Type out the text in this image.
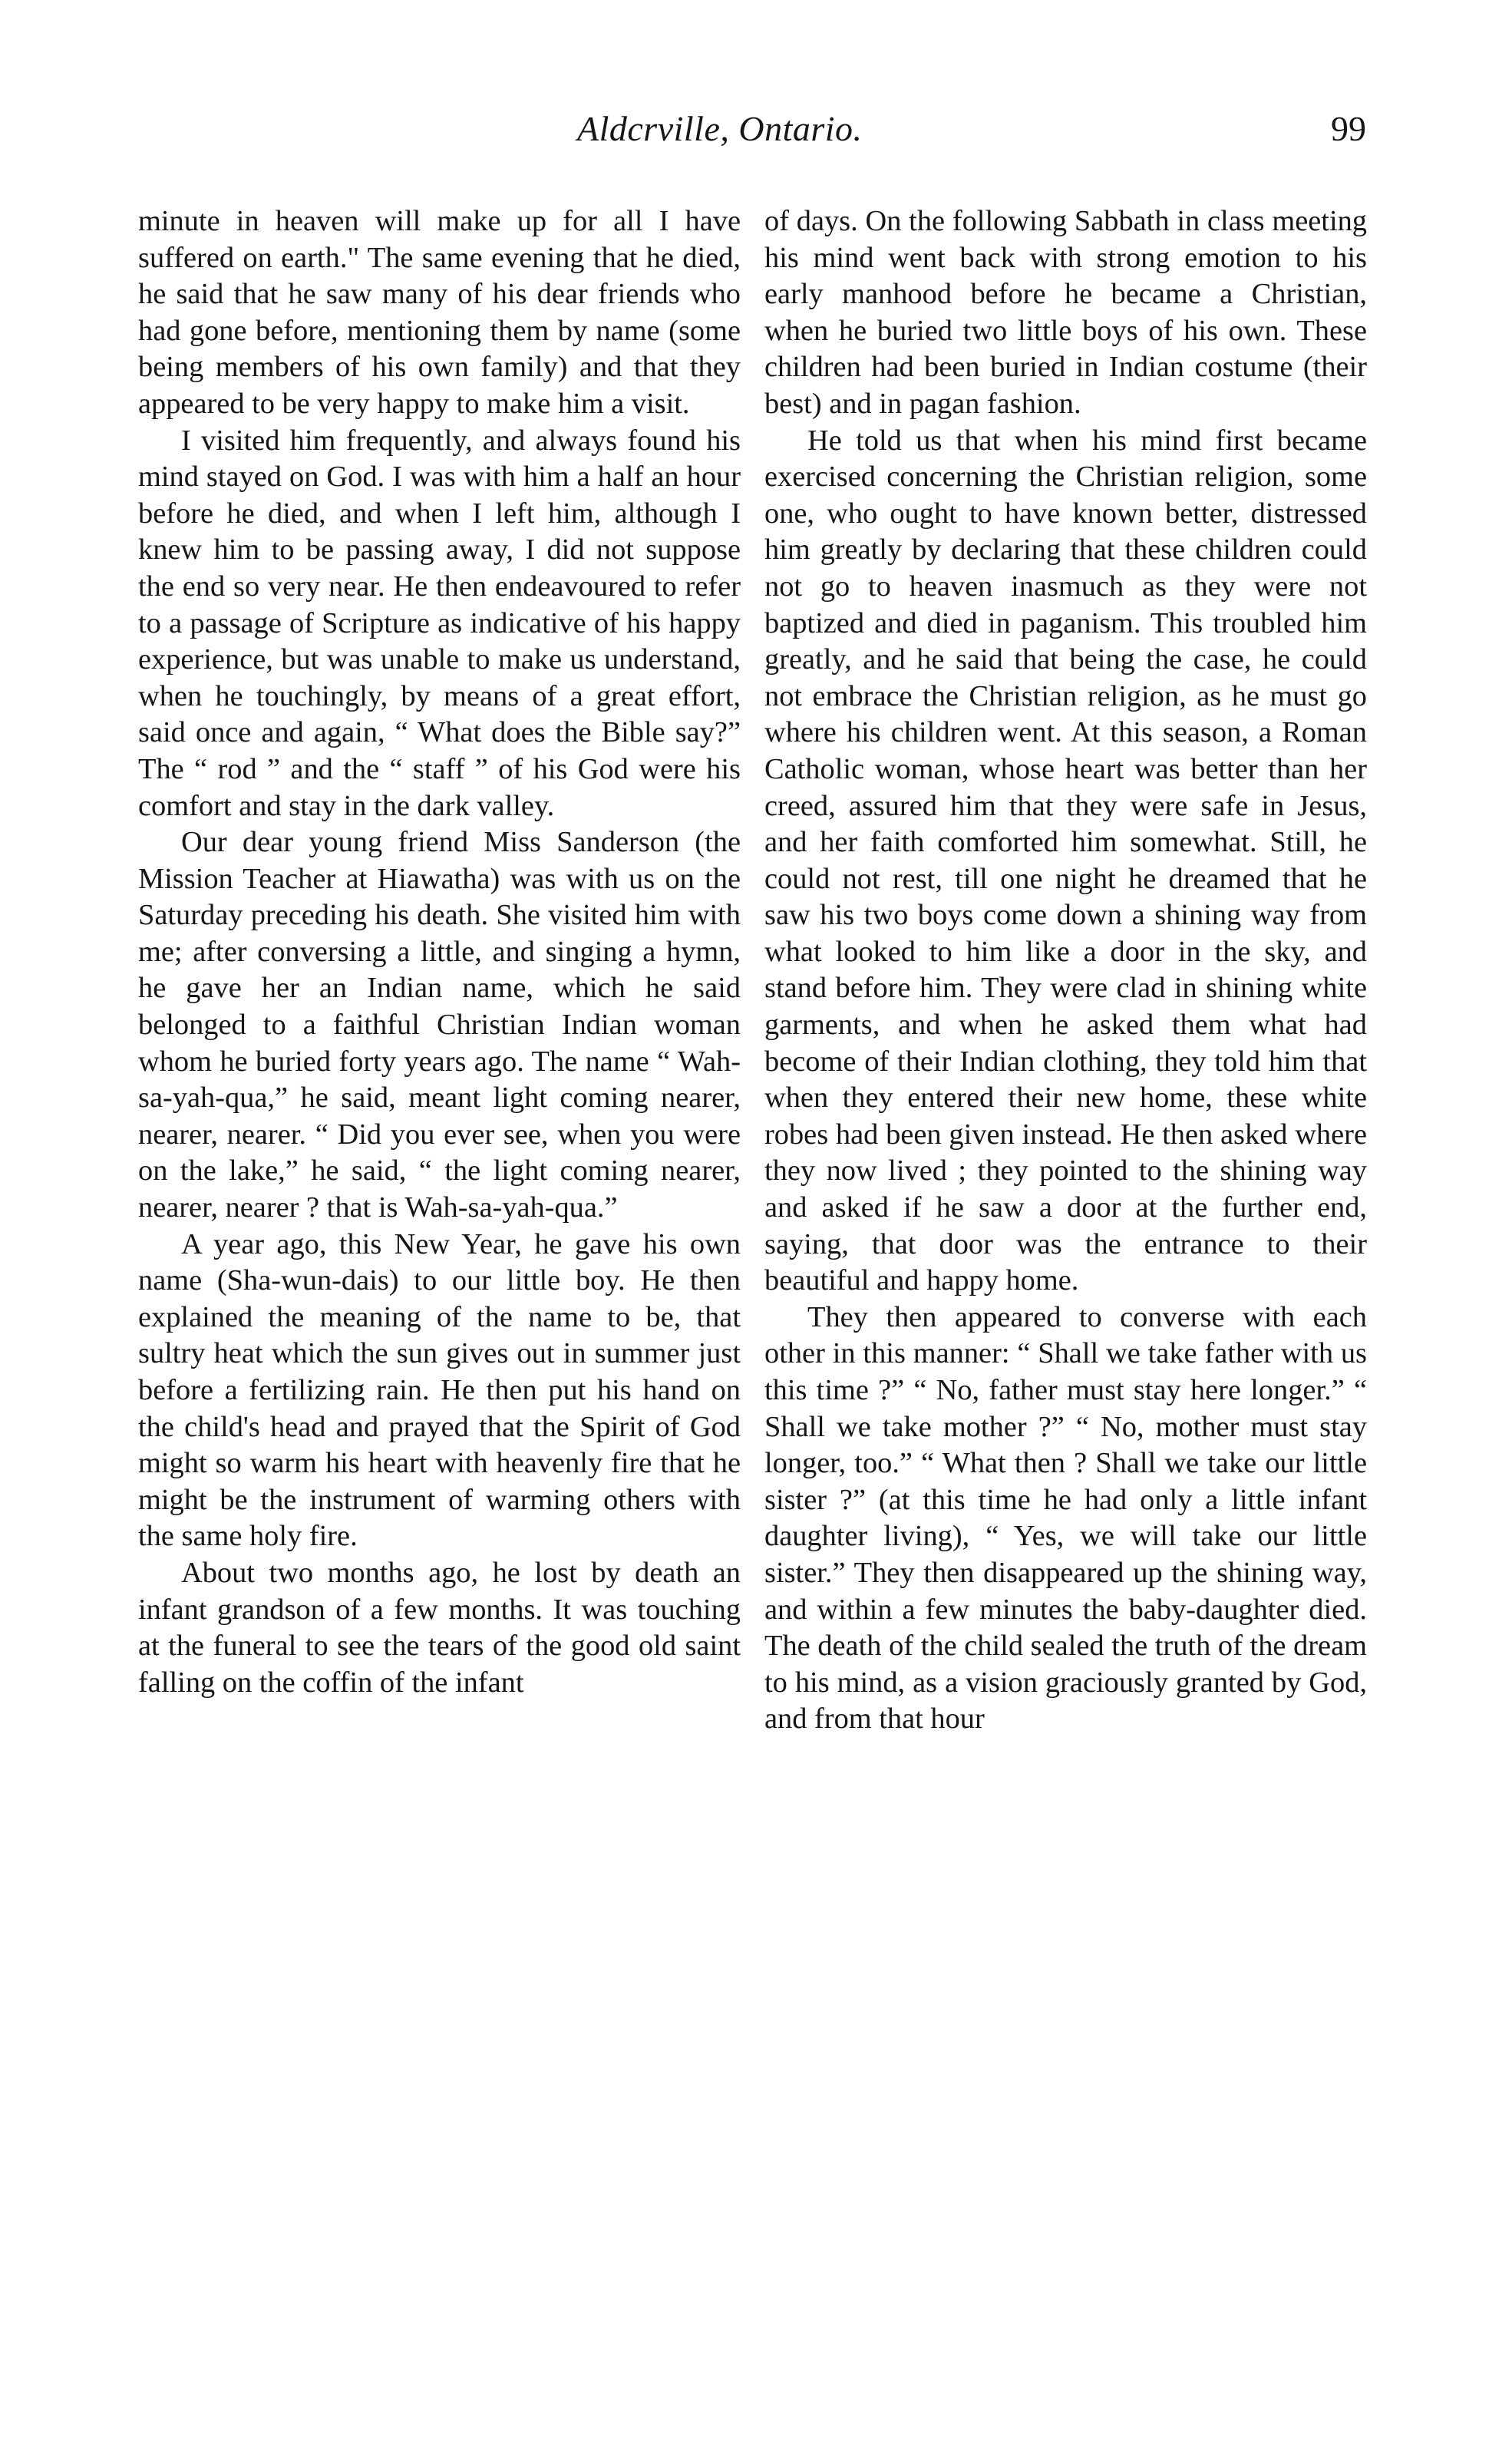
Aldcrville, Ontario.	99

minute in heaven will make up for all I have suffered on earth." The same evening that he died, he said that he saw many of his dear friends who had gone before, mentioning them by name (some being members of his own family) and that they appeared to be very happy to make him a visit.

I visited him frequently, and always found his mind stayed on God. I was with him a half an hour before he died, and when I left him, although I knew him to be passing away, I did not suppose the end so very near. He then endeavoured to refer to a passage of Scripture as indicative of his happy experience, but was unable to make us understand, when he touchingly, by means of a great effort, said once and again, “ What does the Bible say?” The “ rod ” and the “ staff ” of his God were his comfort and stay in the dark valley.

Our dear young friend Miss Sanderson (the Mission Teacher at Hiawatha) was with us on the Saturday preceding his death. She visited him with me; after conversing a little, and singing a hymn, he gave her an Indian name, which he said belonged to a faithful Christian Indian woman whom he buried forty years ago. The name “ Wah-sa-yah-qua,” he said, meant light coming nearer, nearer, nearer. “ Did you ever see, when you were on the lake,” he said, “ the light coming nearer, nearer, nearer ? that is Wah-sa-yah-qua.”

A year ago, this New Year, he gave his own name (Sha-wun-dais) to our little boy. He then explained the meaning of the name to be, that sultry heat which the sun gives out in summer just before a fertilizing rain. He then put his hand on the child's head and prayed that the Spirit of God might so warm his heart with heavenly fire that he might be the instrument of warming others with the same holy fire.

About two months ago, he lost by death an infant grandson of a few months. It was touching at the funeral to see the tears of the good old saint falling on the coffin of the infant

of days. On the following Sabbath in class meeting his mind went back with strong emotion to his early manhood before he became a Christian, when he buried two little boys of his own. These children had been buried in Indian costume (their best) and in pagan fashion.

He told us that when his mind first became exercised concerning the Christian religion, some one, who ought to have known better, distressed him greatly by declaring that these children could not go to heaven inasmuch as they were not baptized and died in paganism. This troubled him greatly, and he said that being the case, he could not embrace the Christian religion, as he must go where his children went. At this season, a Roman Catholic woman, whose heart was better than her creed, assured him that they were safe in Jesus, and her faith comforted him somewhat. Still, he could not rest, till one night he dreamed that he saw his two boys come down a shining way from what looked to him like a door in the sky, and stand before him. They were clad in shining white garments, and when he asked them what had become of their Indian clothing, they told him that when they entered their new home, these white robes had been given instead. He then asked where they now lived ; they pointed to the shining way and asked if he saw a door at the further end, saying, that door was the entrance to their beautiful and happy home.

They then appeared to converse with each other in this manner: “ Shall we take father with us this time ?” “ No, father must stay here longer.” “ Shall we take mother ?” “ No, mother must stay longer, too.” “ What then ? Shall we take our little sister ?” (at this time he had only a little infant daughter living), “ Yes, we will take our little sister.” They then disappeared up the shining way, and within a few minutes the baby-daughter died. The death of the child sealed the truth of the dream to his mind, as a vision graciously granted by God, and from that hour
